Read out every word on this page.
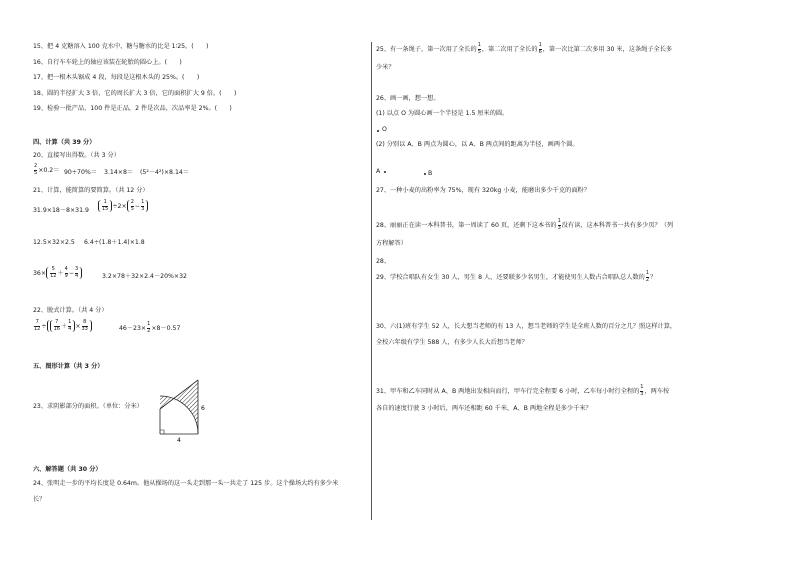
15、把 4 克糖溶入 100 克水中，糖与糖水的比是 1∶25。(　　)
16、自行车车轮上的轴应该装在轮胎的圆心上。(　　)
17、把一根木头锯成 4 段，每段是这根木头的 25%。(　　)
18、圆的半径扩大 3 倍，它的周长扩大 3 倍，它的面积扩大 9 倍。(　　)
19、检验一批产品，100 件是正品，2 件是次品，次品率是 2%。(　　)
四、计算（共 39 分）
20、直接写出得数。（共 3 分）
$\frac{2}{5} \times 0.2= 90\div 70\%= 3.14\times 8= (5^2-4^2)\times 8.14=$
21、计算，能简算的要简算。（共 12 分）
31.9×18－8×31.9	$\frac{1}{15} \div 2\times \frac{2}{5} - \frac{1}{3}$
12.5×32×2.5 6.4÷(1.8＋1.4)×1.8
$36\times \frac{5}{12} + \frac{4}{9} - \frac{3}{4}$	3.2×78＋32×2.4－20%×32
22、脱式计算。（共 4 分）
$\frac{7}{12} \div \frac{7}{16} + \frac{1}{4} \times \frac{8}{33}$	$46-23\times \frac{1}{2} \times 8-0.57$
五、图形计算（共 3 分）
23、求阴影部分的面积。（单位：分米）	6
4
六、解答题（共 30 分）
24、张明走一步的平均长度是 0.64m。他从操场的这一头走到那一头一共走了 125 步。这个操场大约有多少米
长？
25、有一条绳子，第一次用了全长的 $\frac{1}{5}$ ，第二次用了全长的 $\frac{1}{6}$ ，第一次比第二次多用 30 米，这条绳子全长多
少米？
26、画一画，想一想。
(1) 以点 O 为圆心画一个半径是 1.5 厘米的圆。
O
(2) 分别以 A、B 两点为圆心，以 A、B 两点间的距离为半径，画两个圆。
A	B
27、一种小麦的出粉率为 75%，现有 320kg 小麦，能磨出多少千克的面粉？
28、丽丽正在读一本科普书，第一周读了 60 页，还剩下这本书的 $\frac{1}{3}$ 没有读，这本科普书一共有多少页？（列
方程解答）
28、
29、学校合唱队有女生 30 人，男生 8 人，还要联多少名男生，才能使男生人数占合唱队总人数的 $\frac{1}{2}$ ？
30、六(1)班有学生 52 人，长大想当老师的有 13 人，想当老师的学生是全班人数的百分之几？照这样计算，
全校六年级有学生 588 人，有多少人长大后想当老师？
31、甲车和乙车同时从 A、B 两地出发相向而行，甲车行完全程要 6 小时，乙车每小时行全程的 $\frac{1}{3}$ ，两车按
各自的速度行驶 3 小时后，两车还相距 60 千米，A、B 两地全程是多少千米？
